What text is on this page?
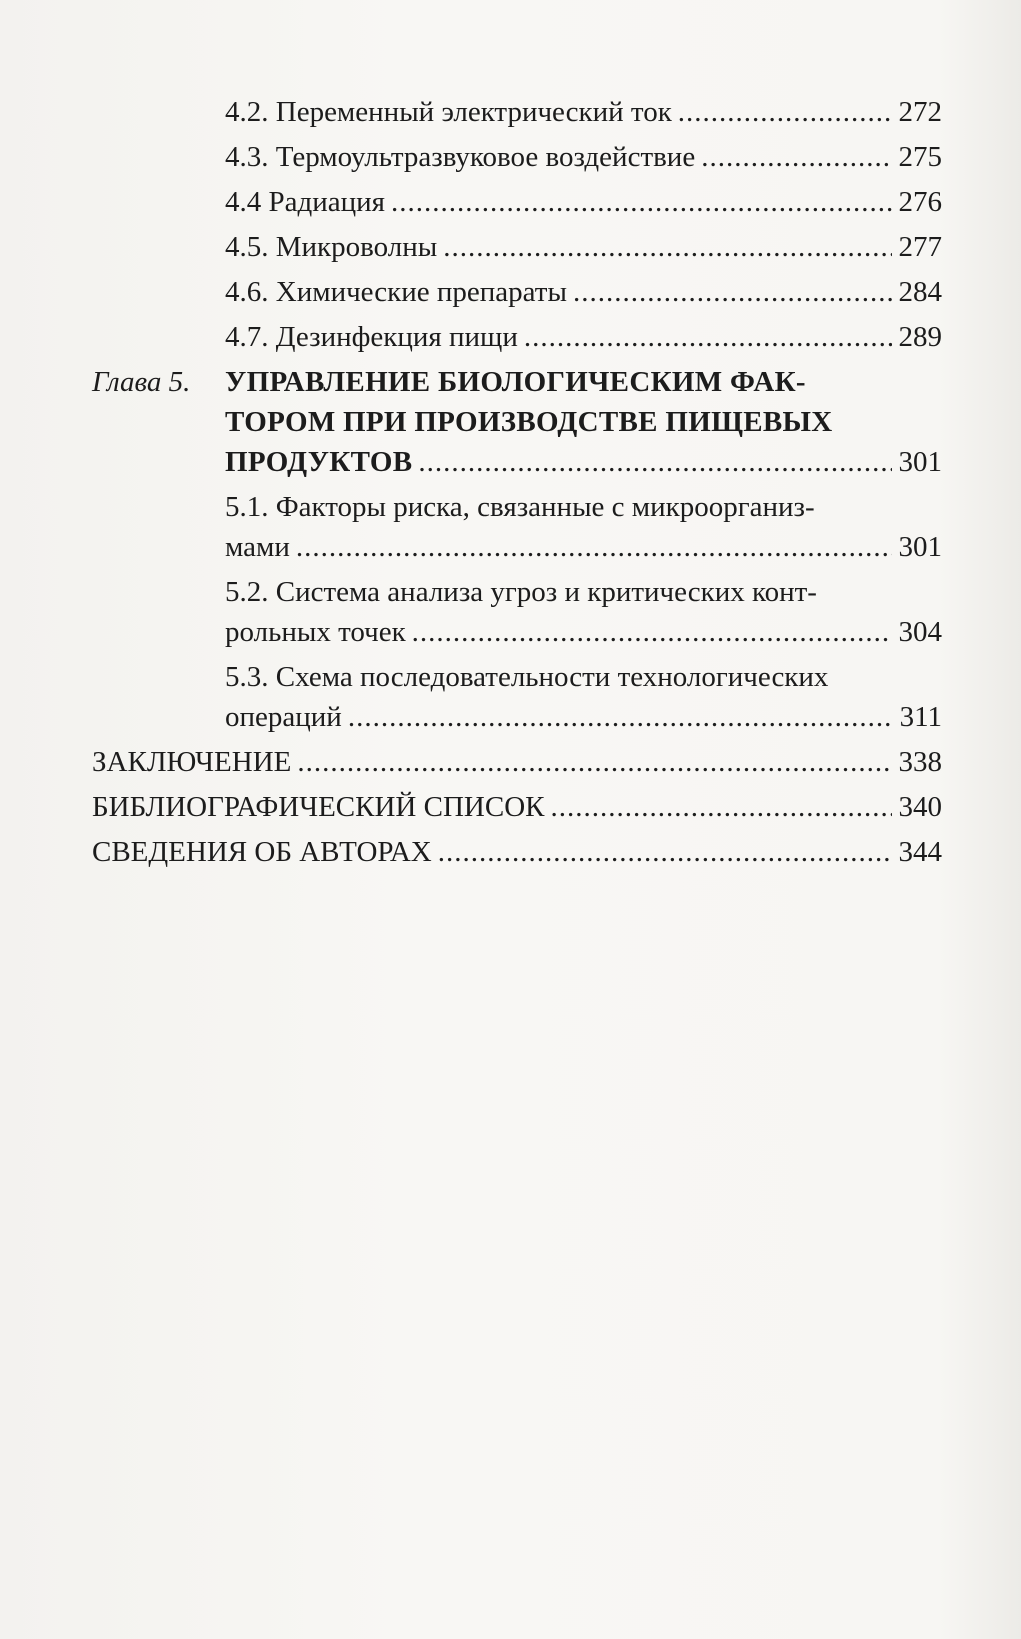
4.2. Переменный электрический ток .....	272
4.3. Термоультразвуковое воздействие .....	275
4.4 Радиация .....	276
4.5. Микроволны .....	277
4.6. Химические препараты .....	284
4.7. Дезинфекция пищи .....	289
Глава 5. УПРАВЛЕНИЕ БИОЛОГИЧЕСКИМ ФАК-
ТОРОМ ПРИ ПРОИЗВОДСТВЕ ПИЩЕВЫХ
ПРОДУКТОВ .....	301
5.1. Факторы риска, связанные с микроорганиз-
мами .....	301
5.2. Система анализа угроз и критических конт-
рольных точек .....	304
5.3. Схема последовательности технологических
операций .....	311
ЗАКЛЮЧЕНИЕ .....	338
БИБЛИОГРАФИЧЕСКИЙ СПИСОК .....	340
СВЕДЕНИЯ ОБ АВТОРАХ .....	344
